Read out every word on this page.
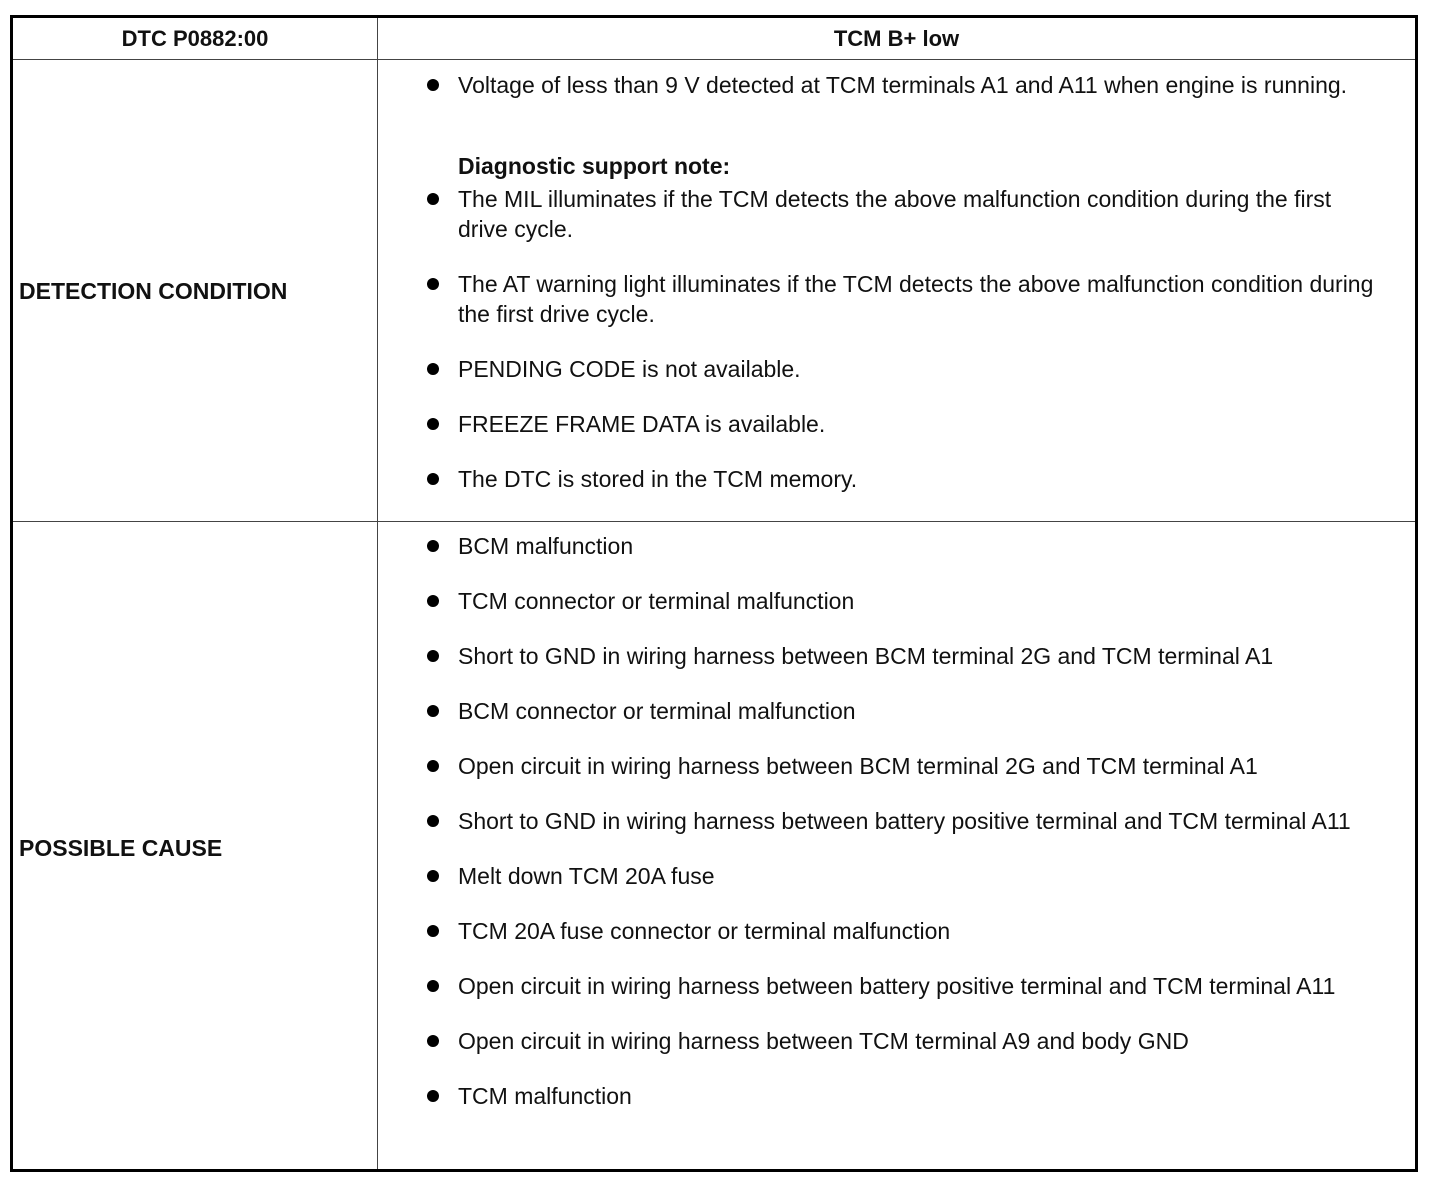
DTC P0882:00	TCM B+ low
DETECTION CONDITION
POSSIBLE CAUSE
Voltage of less than 9 V detected at TCM terminals A1 and A11 when engine is running.
The MIL illuminates if the TCM detects the above malfunction condition during the first drive cycle.
The AT warning light illuminates if the TCM detects the above malfunction condition during the first drive cycle.
PENDING CODE is not available.
FREEZE FRAME DATA is available.
The DTC is stored in the TCM memory.
Diagnostic support note:
BCM malfunction
TCM connector or terminal malfunction
Short to GND in wiring harness between BCM terminal 2G and TCM terminal A1
BCM connector or terminal malfunction
Open circuit in wiring harness between BCM terminal 2G and TCM terminal A1
Short to GND in wiring harness between battery positive terminal and TCM terminal A11
Melt down TCM 20A fuse
TCM 20A fuse connector or terminal malfunction
Open circuit in wiring harness between battery positive terminal and TCM terminal A11
Open circuit in wiring harness between TCM terminal A9 and body GND
TCM malfunction
